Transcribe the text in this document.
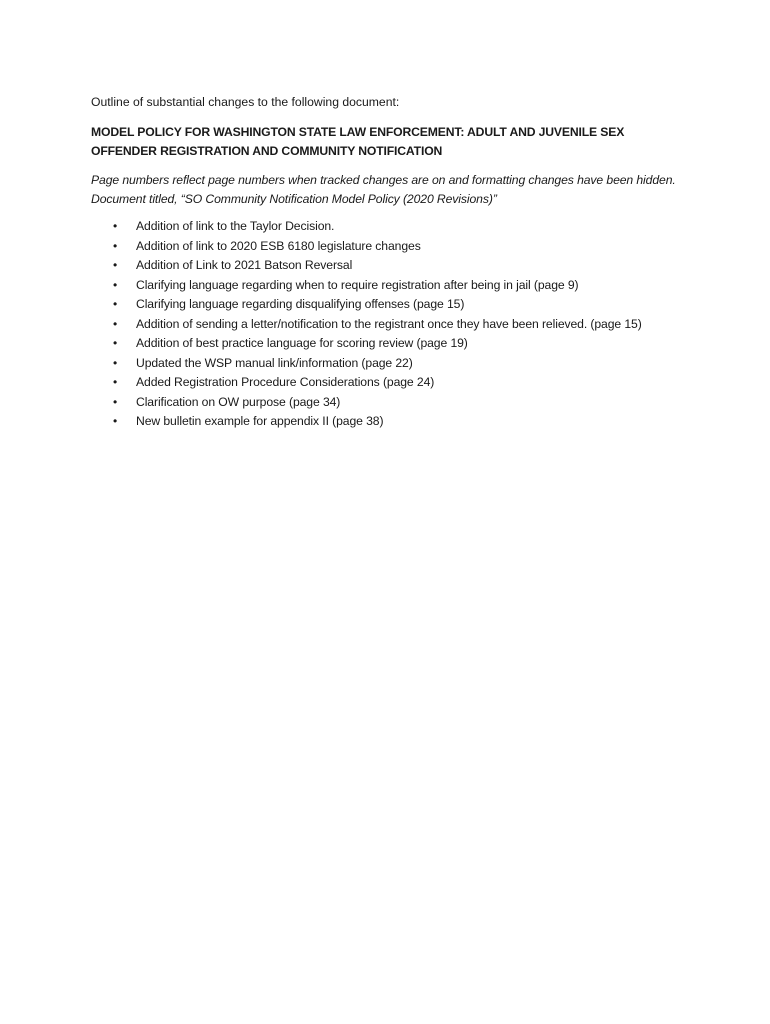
Outline of substantial changes to the following document:

MODEL POLICY FOR WASHINGTON STATE LAW ENFORCEMENT: ADULT AND JUVENILE SEX OFFENDER REGISTRATION AND COMMUNITY NOTIFICATION

Page numbers reflect page numbers when tracked changes are on and formatting changes have been hidden. Document titled, “SO Community Notification Model Policy (2020 Revisions)”

• Addition of link to the Taylor Decision.
• Addition of link to 2020 ESB 6180 legislature changes
• Addition of Link to 2021 Batson Reversal
• Clarifying language regarding when to require registration after being in jail (page 9)
• Clarifying language regarding disqualifying offenses (page 15)
• Addition of sending a letter/notification to the registrant once they have been relieved. (page 15)
• Addition of best practice language for scoring review (page 19)
• Updated the WSP manual link/information (page 22)
• Added Registration Procedure Considerations (page 24)
• Clarification on OW purpose (page 34)
• New bulletin example for appendix II (page 38)
